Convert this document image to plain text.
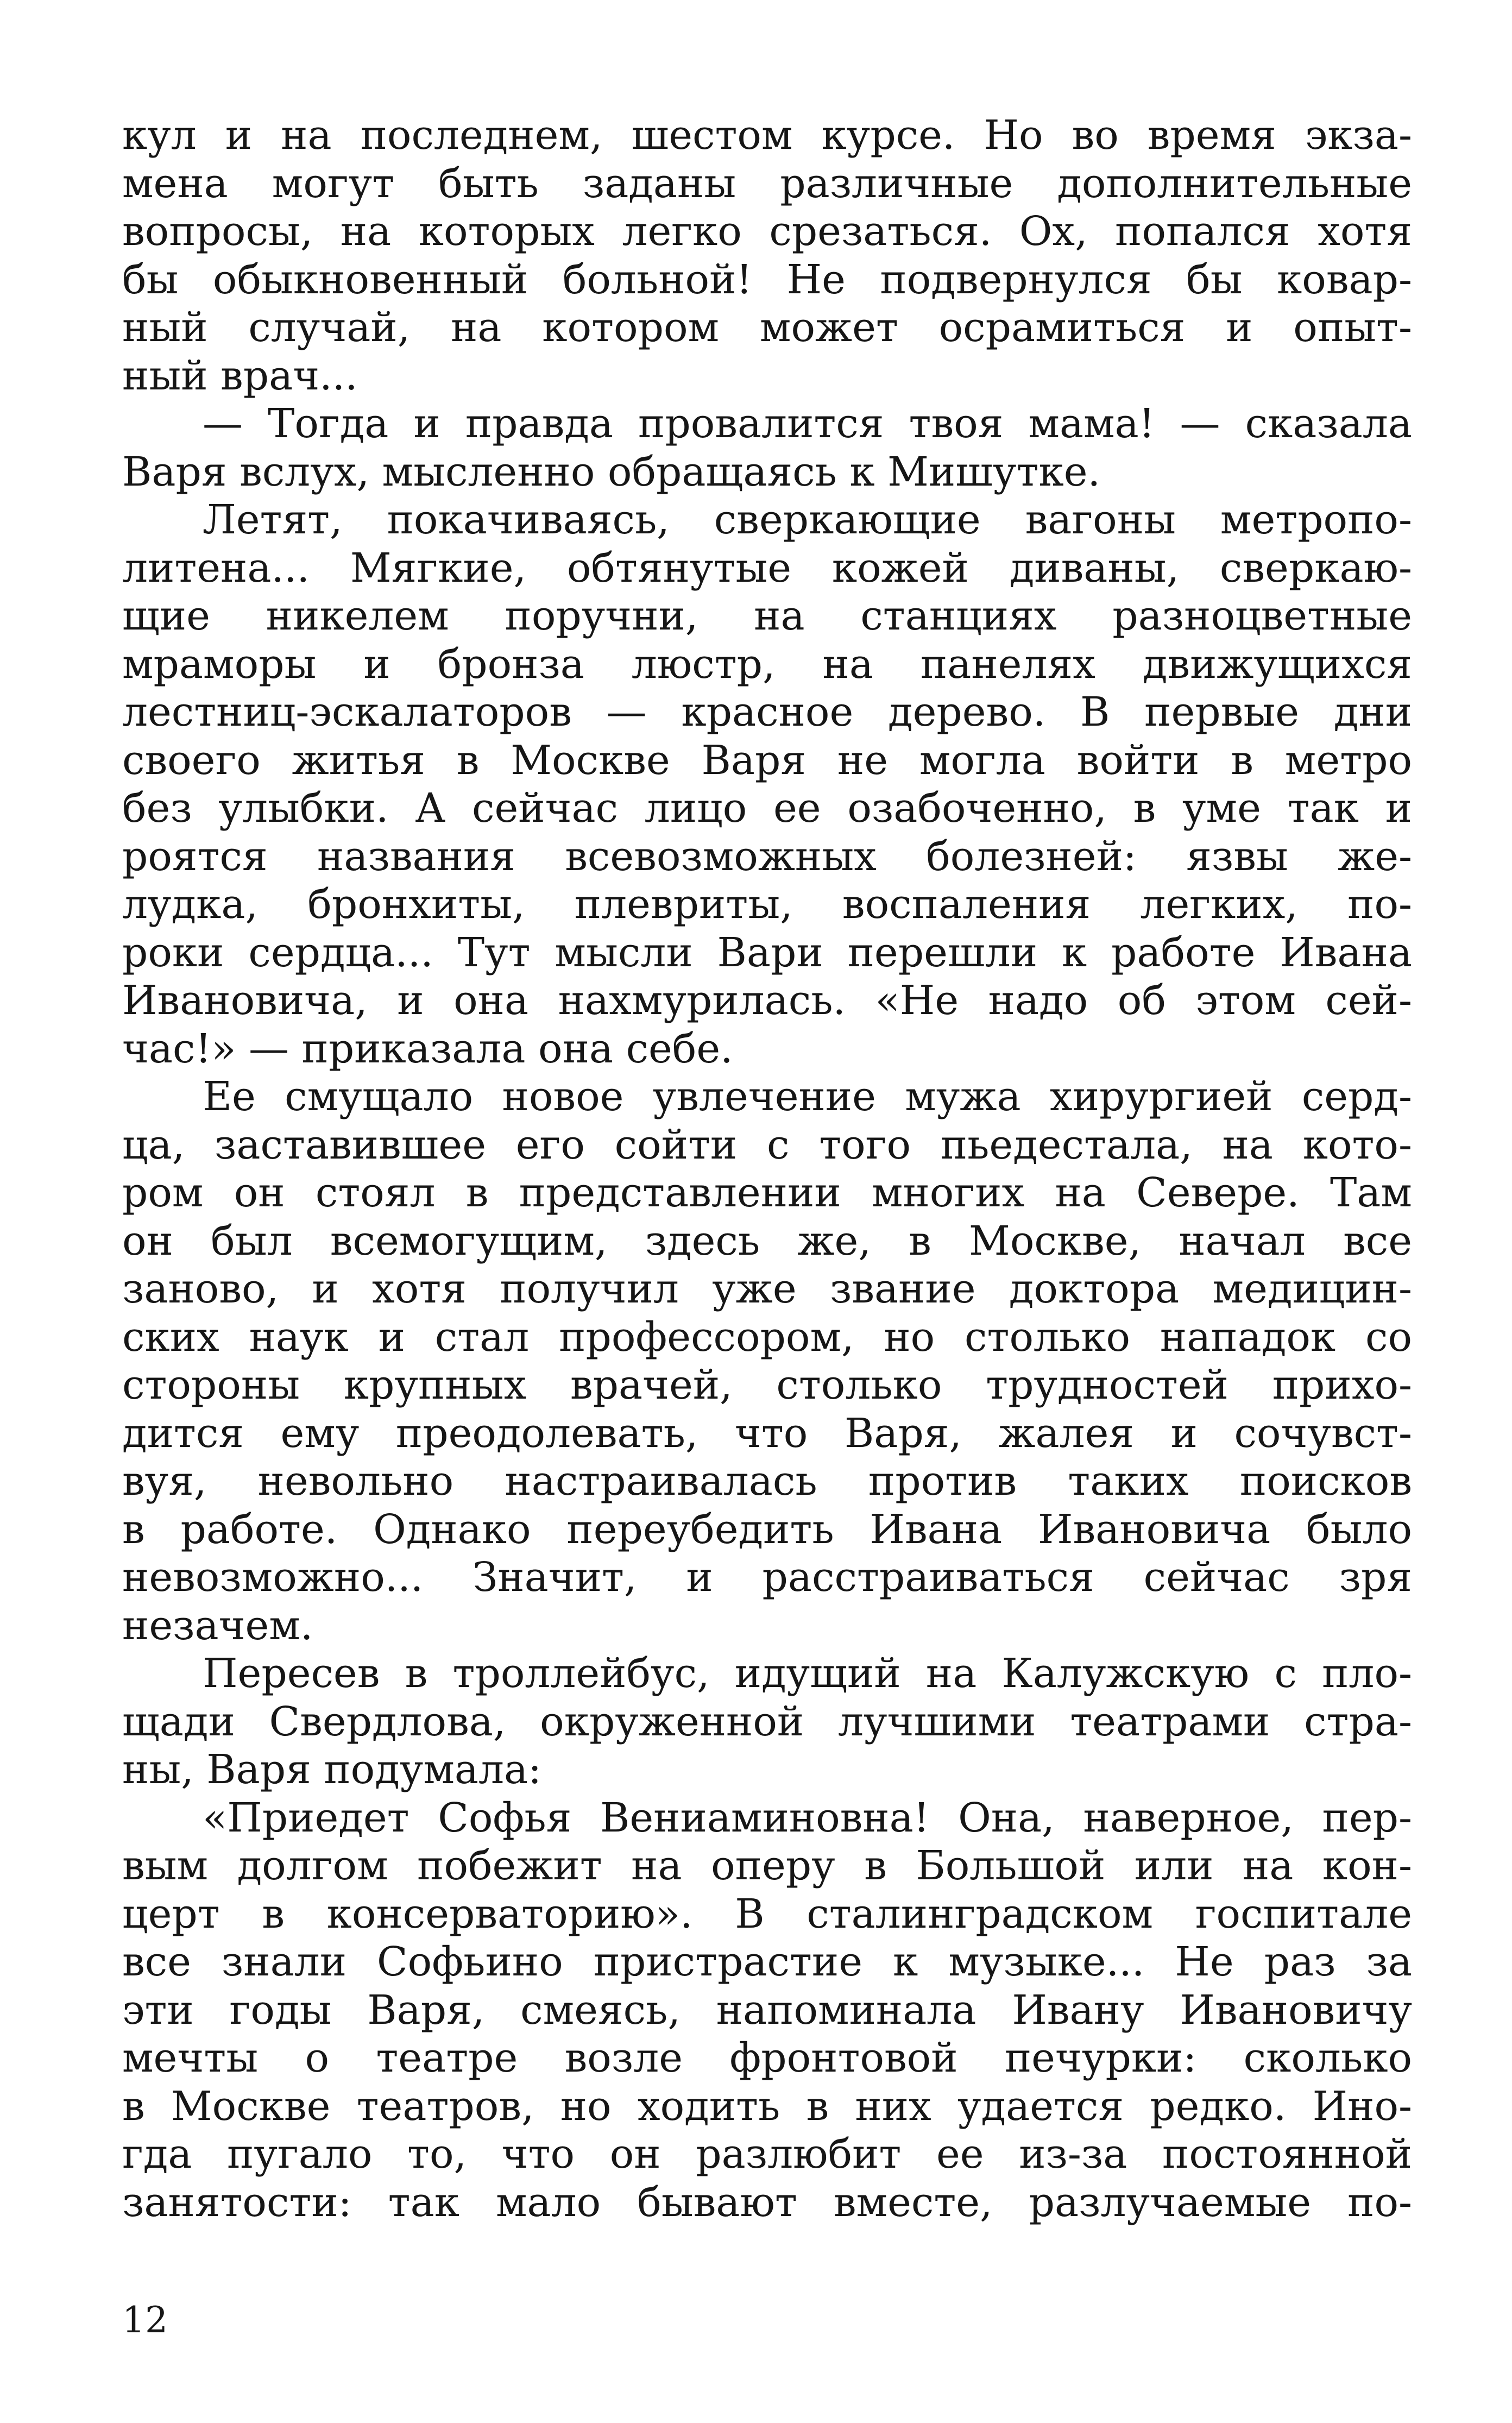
кул и на последнем, шестом курсе. Но во время экза-
мена могут быть заданы различные дополнительные
вопросы, на которых легко срезаться. Ох, попался хотя
бы обыкновенный больной! Не подвернулся бы ковар-
ный случай, на котором может осрамиться и опыт-
ный врач...
— Тогда и правда провалится твоя мама! — сказала
Варя вслух, мысленно обращаясь к Мишутке.
Летят, покачиваясь, сверкающие вагоны метропо-
литена... Мягкие, обтянутые кожей диваны, сверкаю-
щие никелем поручни, на станциях разноцветные
мраморы и бронза люстр, на панелях движущихся
лестниц-эскалаторов — красное дерево. В первые дни
своего житья в Москве Варя не могла войти в метро
без улыбки. А сейчас лицо ее озабоченно, в уме так и
роятся названия всевозможных болезней: язвы же-
лудка, бронхиты, плевриты, воспаления легких, по-
роки сердца... Тут мысли Вари перешли к работе Ивана
Ивановича, и она нахмурилась. «Не надо об этом сей-
час!» — приказала она себе.
Ее смущало новое увлечение мужа хирургией серд-
ца, заставившее его сойти с того пьедестала, на кото-
ром он стоял в представлении многих на Севере. Там
он был всемогущим, здесь же, в Москве, начал все
заново, и хотя получил уже звание доктора медицин-
ских наук и стал профессором, но столько нападок со
стороны крупных врачей, столько трудностей прихо-
дится ему преодолевать, что Варя, жалея и сочувст-
вуя, невольно настраивалась против таких поисков
в работе. Однако переубедить Ивана Ивановича было
невозможно... Значит, и расстраиваться сейчас зря
незачем.
Пересев в троллейбус, идущий на Калужскую с пло-
щади Свердлова, окруженной лучшими театрами стра-
ны, Варя подумала:
«Приедет Софья Вениаминовна! Она, наверное, пер-
вым долгом побежит на оперу в Большой или на кон-
церт в консерваторию». В сталинградском госпитале
все знали Софьино пристрастие к музыке... Не раз за
эти годы Варя, смеясь, напоминала Ивану Ивановичу
мечты о театре возле фронтовой печурки: сколько
в Москве театров, но ходить в них удается редко. Ино-
гда пугало то, что он разлюбит ее из-за постоянной
занятости: так мало бывают вместе, разлучаемые по-
12
